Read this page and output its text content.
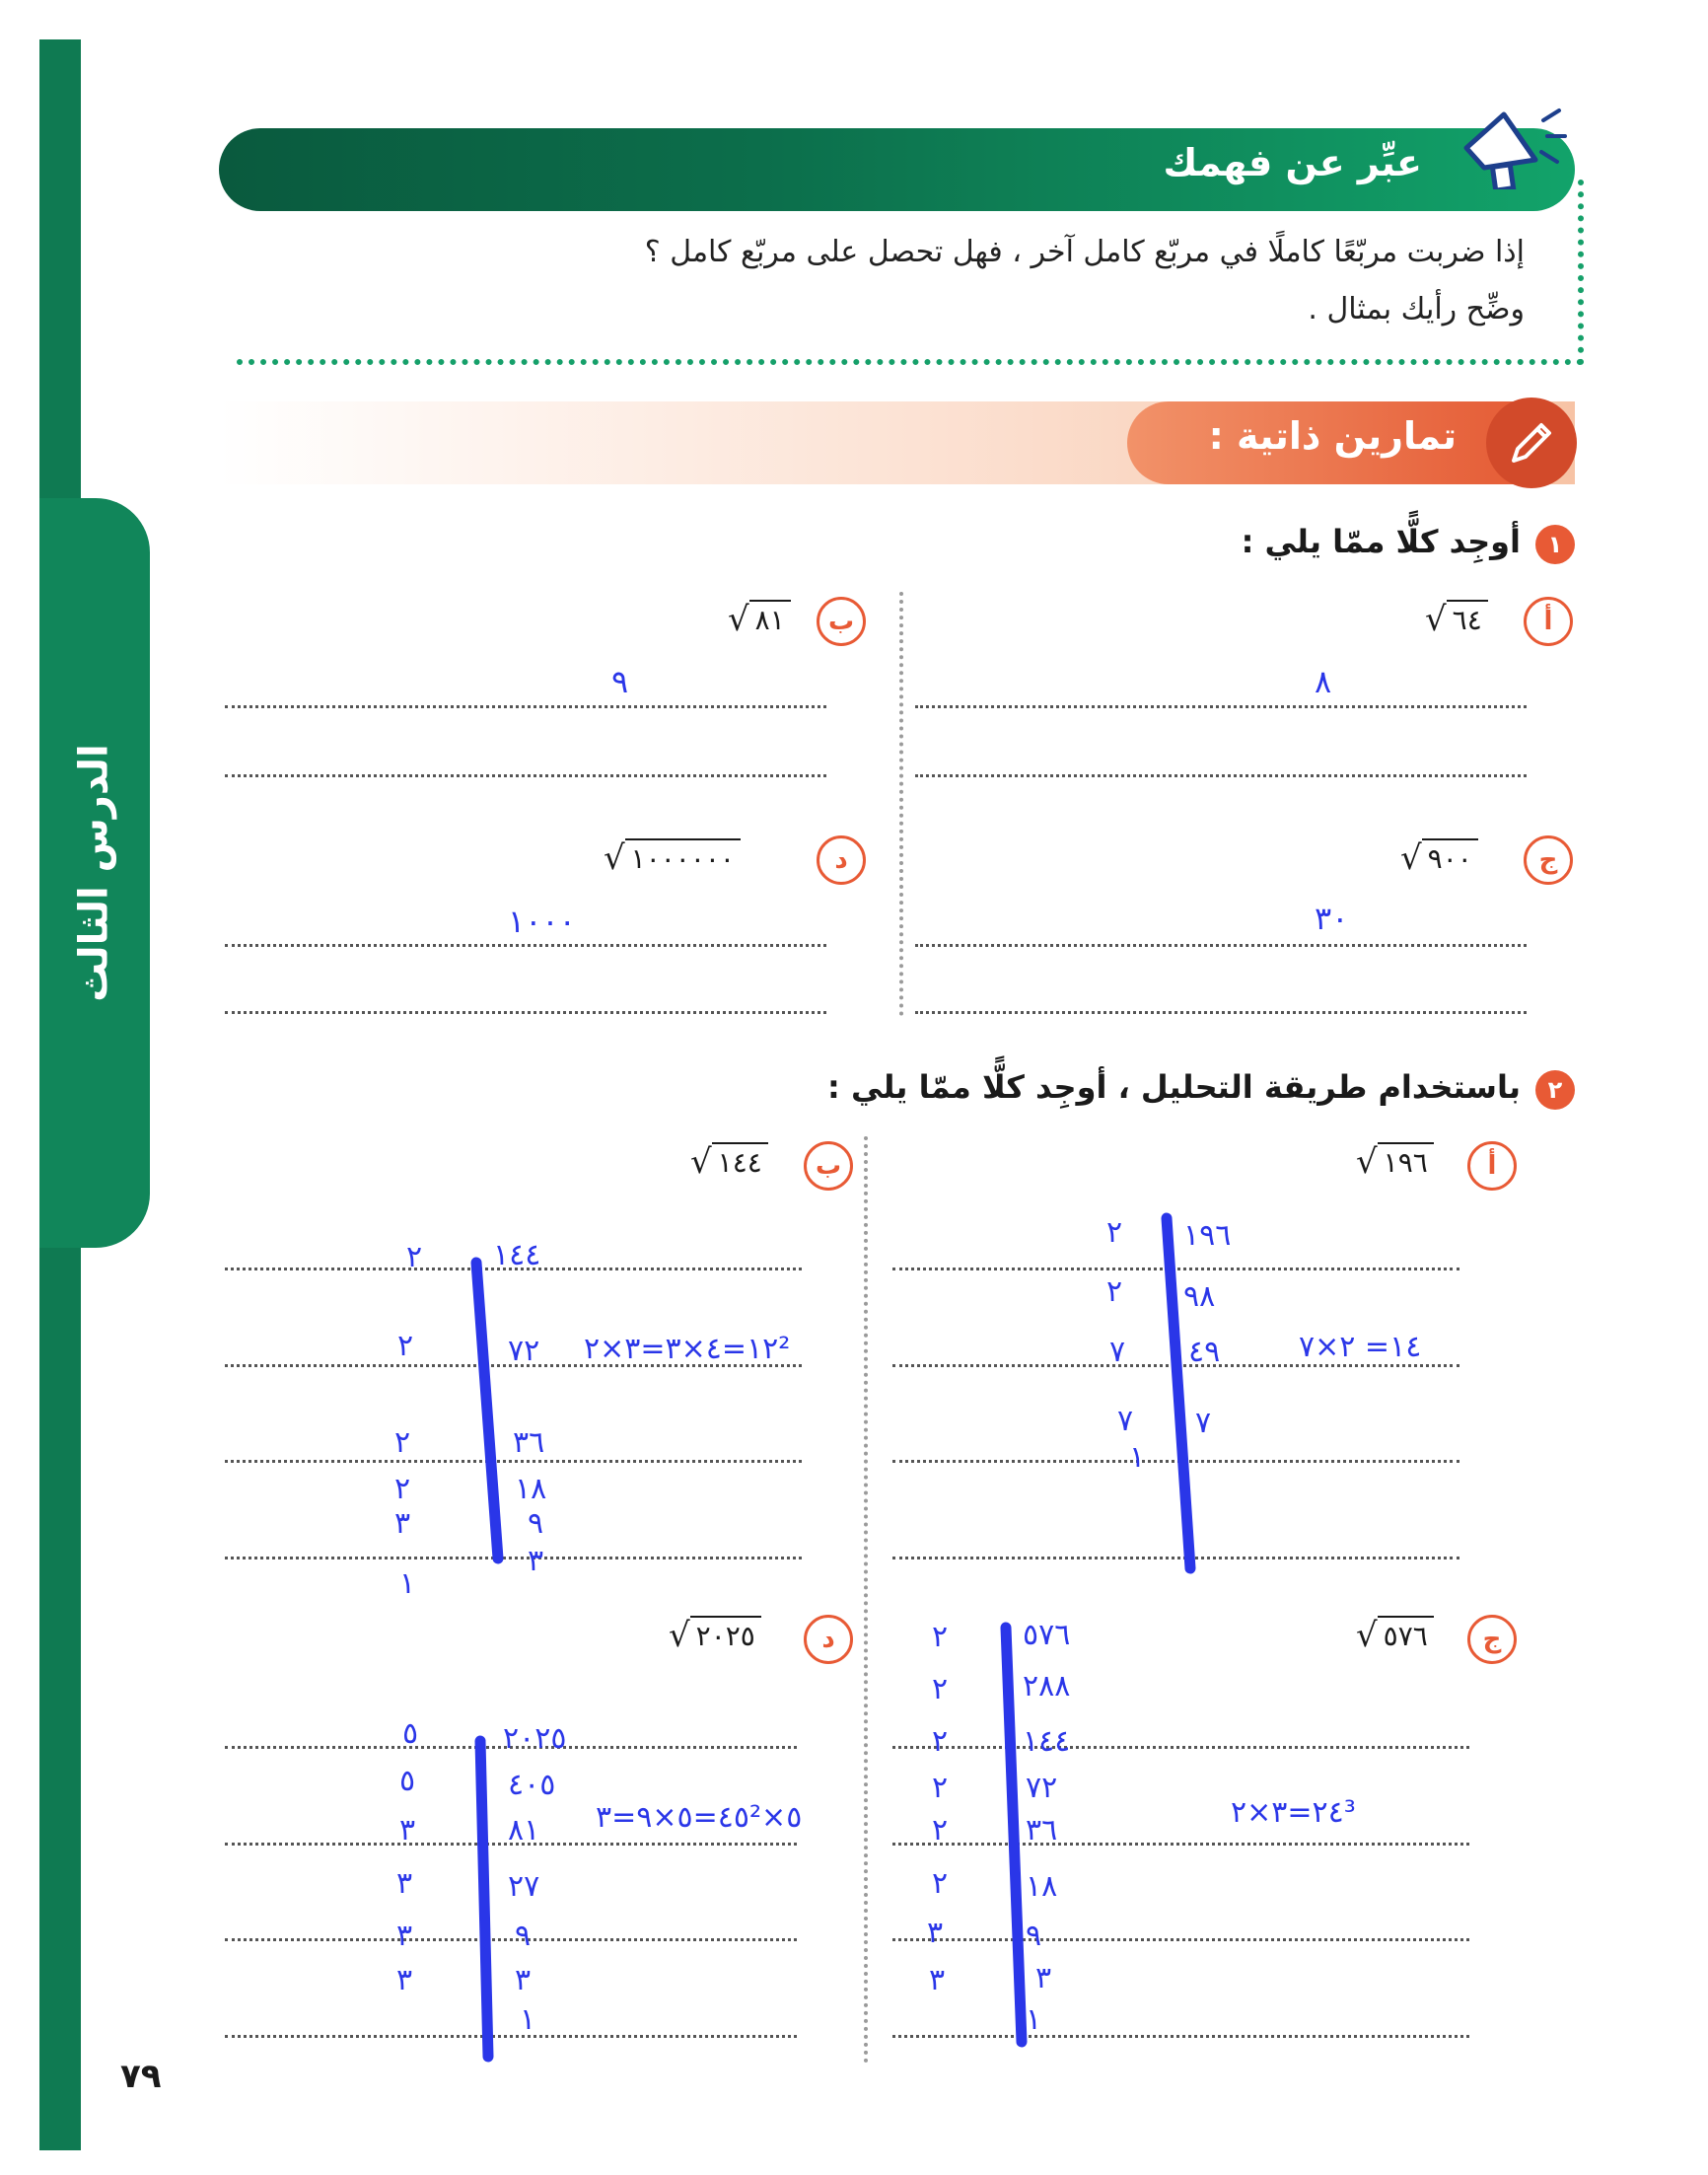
الدرس الثالث
٧٩
عبِّر عن فهمك
إذا ضربت مربّعًا كاملًا في مربّع كامل آخر ، فهل تحصل على مربّع كامل ؟
وضِّح رأيك بمثال .
تمارين ذاتية :
١
أوجِد كلًّا ممّا يلي :
أ
√ ٦٤
٨
ب
√ ٨١
٩
ج
√ ٩٠٠
٣٠
د
√ ١٠٠٠٠٠٠
١٠٠٠
٢
باستخدام طريقة التحليل ، أوجِد كلًّا ممّا يلي :
أ
√ ١٩٦
ب
√ ١٤٤
ج
√ ٥٧٦
د
√ ٢٠٢٥
١٩٦
٩٨
٤٩
٧
١
٢
٢
٧
٧
١٤= ٢×٧
١٤٤
٧٢
٣٦
١٨
٩
٣
٢
٢
٢
٢
٣
١
١٢=٤×٣=٣×٢²
٥٧٦
٢٨٨
١٤٤
٧٢
٣٦
١٨
٩
٣
١
٢
٢
٢
٢
٢
٢
٣
٣
٢٤=٣×٢³
٢٠٢٥
٤٠٥
٨١
٢٧
٩
٣
١
٥
٥
٣
٣
٣
٣
٤٥=٥×٩=٣²×٥
